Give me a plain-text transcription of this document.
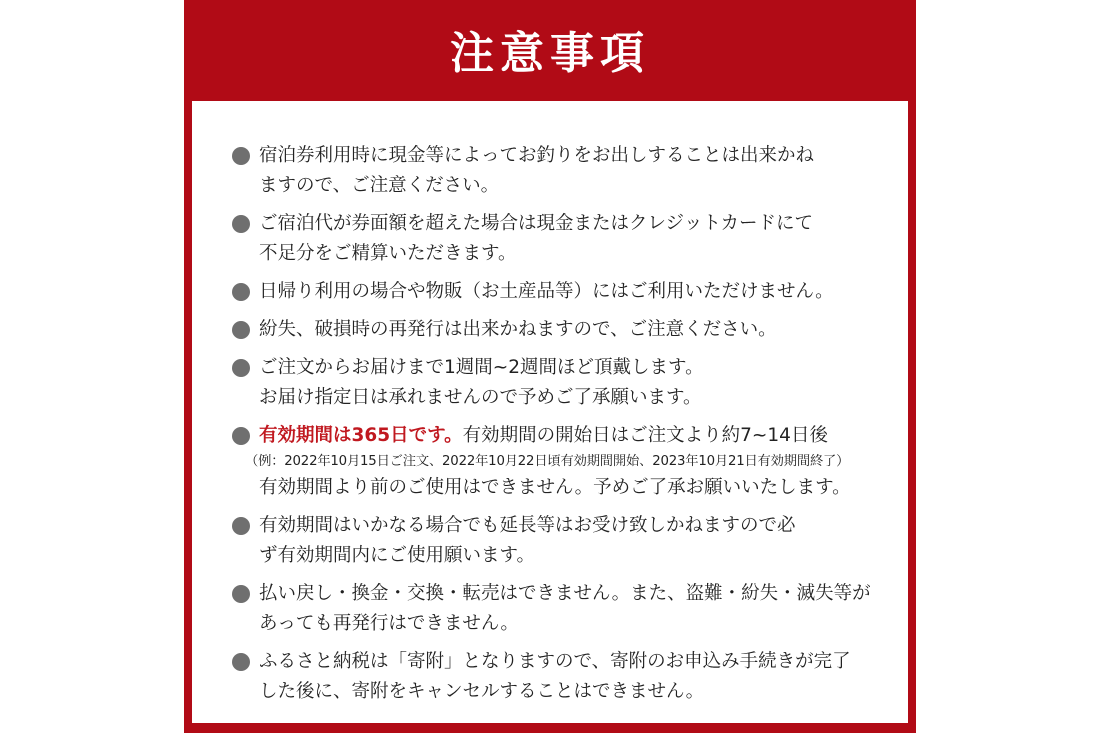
注意事項
宿泊券利用時に現金等によってお釣りをお出しすることは出来かね
ますので、ご注意ください。
ご宿泊代が券面額を超えた場合は現金またはクレジットカードにて
不足分をご精算いただきます。
日帰り利用の場合や物販（お土産品等）にはご利用いただけません。
紛失、破損時の再発行は出来かねますので、ご注意ください。
ご注文からお届けまで1週間~2週間ほど頂戴します。
お届け指定日は承れませんので予めご了承願います。
有効期間は365日です。有効期間の開始日はご注文より約7~14日後
（例：2022年10月15日ご注文、2022年10月22日頃有効期間開始、2023年10月21日有効期間終了）
有効期間より前のご使用はできません。予めご了承お願いいたします。
有効期間はいかなる場合でも延長等はお受け致しかねますので必
ず有効期間内にご使用願います。
払い戻し・換金・交換・転売はできません。また、盗難・紛失・滅失等が
あっても再発行はできません。
ふるさと納税は「寄附」となりますので、寄附のお申込み手続きが完了
した後に、寄附をキャンセルすることはできません。
